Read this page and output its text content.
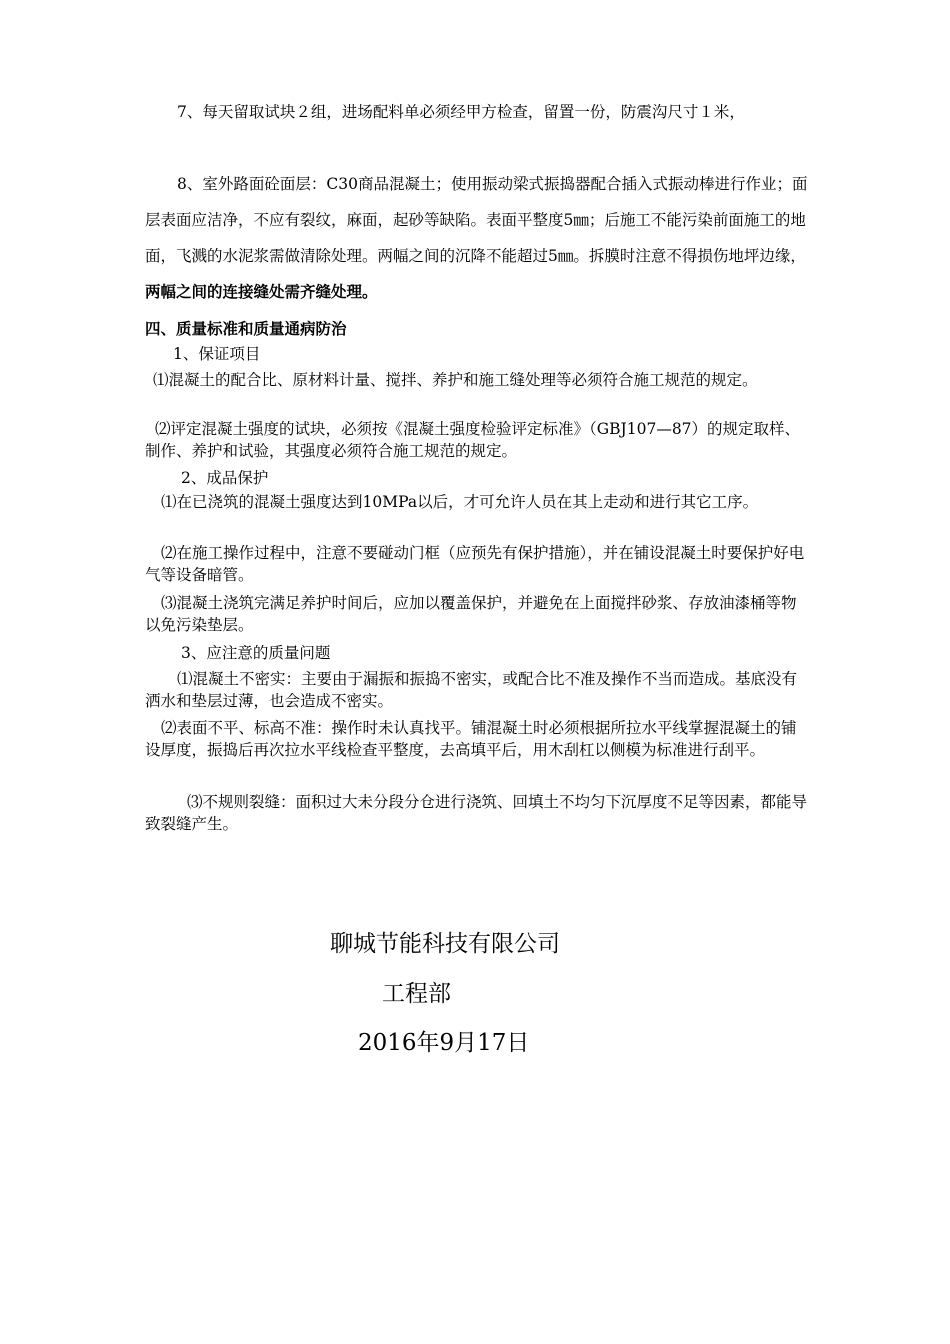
7、每天留取试块２组，进场配料单必须经甲方检查，留置一份，防震沟尺寸１米，

8、室外路面砼面层：C30商品混凝土；使用振动梁式振捣器配合插入式振动棒进行作业；面层表面应洁净，不应有裂纹，麻面，起砂等缺陷。表面平整度5㎜；后施工不能污染前面施工的地面，飞溅的水泥浆需做清除处理。两幅之间的沉降不能超过5㎜。拆膜时注意不得损伤地坪边缘，两幅之间的连接缝处需齐缝处理。

四、质量标准和质量通病防治

1、保证项目

⑴混凝土的配合比、原材料计量、搅拌、养护和施工缝处理等必须符合施工规范的规定。

⑵评定混凝土强度的试块，必须按《混凝土强度检验评定标准》（GBJ107—87）的规定取样、制作、养护和试验，其强度必须符合施工规范的规定。

2、成品保护

⑴在已浇筑的混凝土强度达到10MPa以后，才可允许人员在其上走动和进行其它工序。

⑵在施工操作过程中，注意不要碰动门框（应预先有保护措施），并在铺设混凝土时要保护好电气等设备暗管。

⑶混凝土浇筑完满足养护时间后，应加以覆盖保护，并避免在上面搅拌砂浆、存放油漆桶等物以免污染垫层。

3、应注意的质量问题

⑴混凝土不密实：主要由于漏振和振捣不密实，或配合比不准及操作不当而造成。基底没有洒水和垫层过薄，也会造成不密实。

⑵表面不平、标高不准：操作时未认真找平。铺混凝土时必须根据所拉水平线掌握混凝土的铺设厚度，振捣后再次拉水平线检查平整度，去高填平后，用木刮杠以侧模为标准进行刮平。

⑶不规则裂缝：面积过大未分段分仓进行浇筑、回填土不均匀下沉厚度不足等因素，都能导致裂缝产生。

聊城节能科技有限公司

工程部

2016年9月17日
